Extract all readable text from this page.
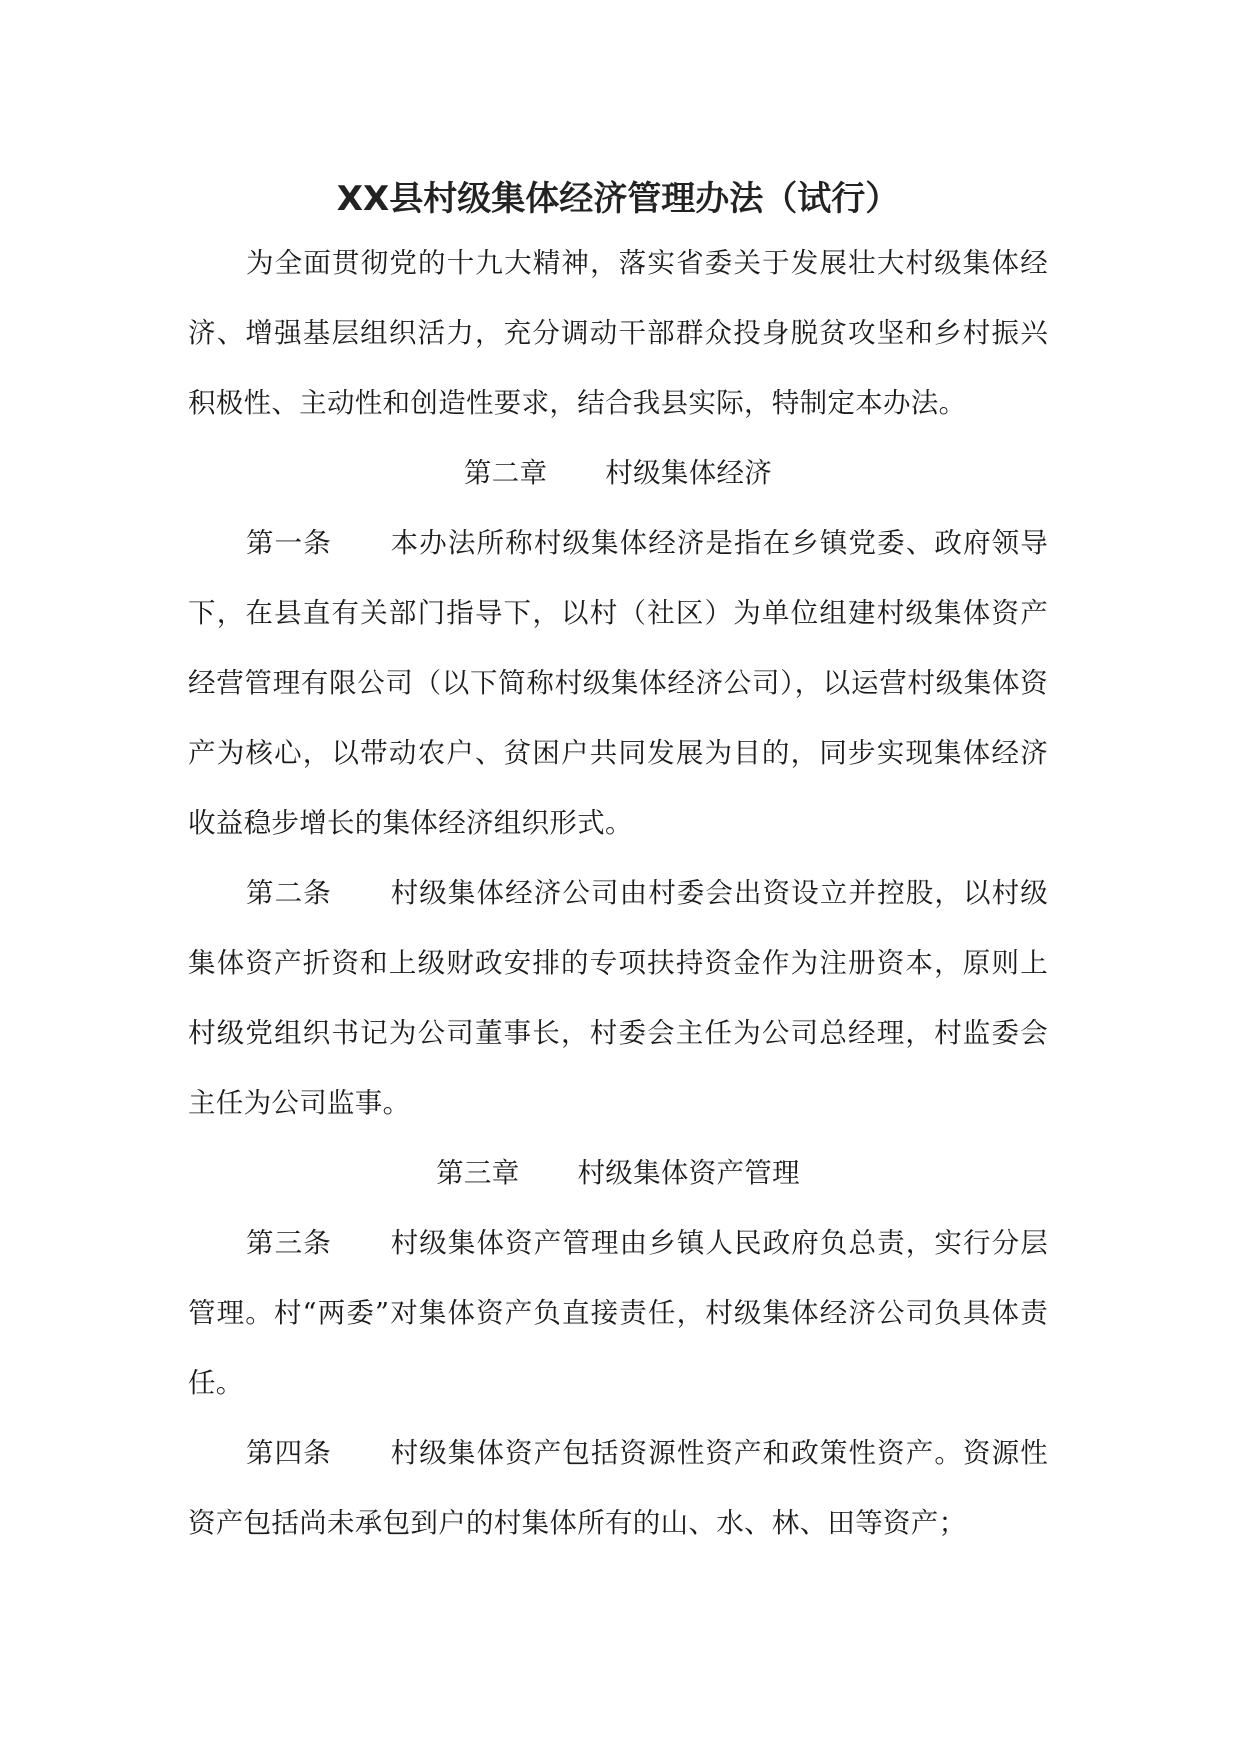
XX县村级集体经济管理办法（试行）

为全面贯彻党的十九大精神，落实省委关于发展壮大村级集体经济、增强基层组织活力，充分调动干部群众投身脱贫攻坚和乡村振兴积极性、主动性和创造性要求，结合我县实际，特制定本办法。

第二章 村级集体经济

第一条 本办法所称村级集体经济是指在乡镇党委、政府领导下，在县直有关部门指导下，以村（社区）为单位组建村级集体资产经营管理有限公司（以下简称村级集体经济公司），以运营村级集体资产为核心，以带动农户、贫困户共同发展为目的，同步实现集体经济收益稳步增长的集体经济组织形式。

第二条 村级集体经济公司由村委会出资设立并控股，以村级集体资产折资和上级财政安排的专项扶持资金作为注册资本，原则上村级党组织书记为公司董事长，村委会主任为公司总经理，村监委会主任为公司监事。

第三章 村级集体资产管理

第三条 村级集体资产管理由乡镇人民政府负总责，实行分层管理。村“两委”对集体资产负直接责任，村级集体经济公司负具体责任。

第四条 村级集体资产包括资源性资产和政策性资产。资源性资产包括尚未承包到户的村集体所有的山、水、林、田等资产；
